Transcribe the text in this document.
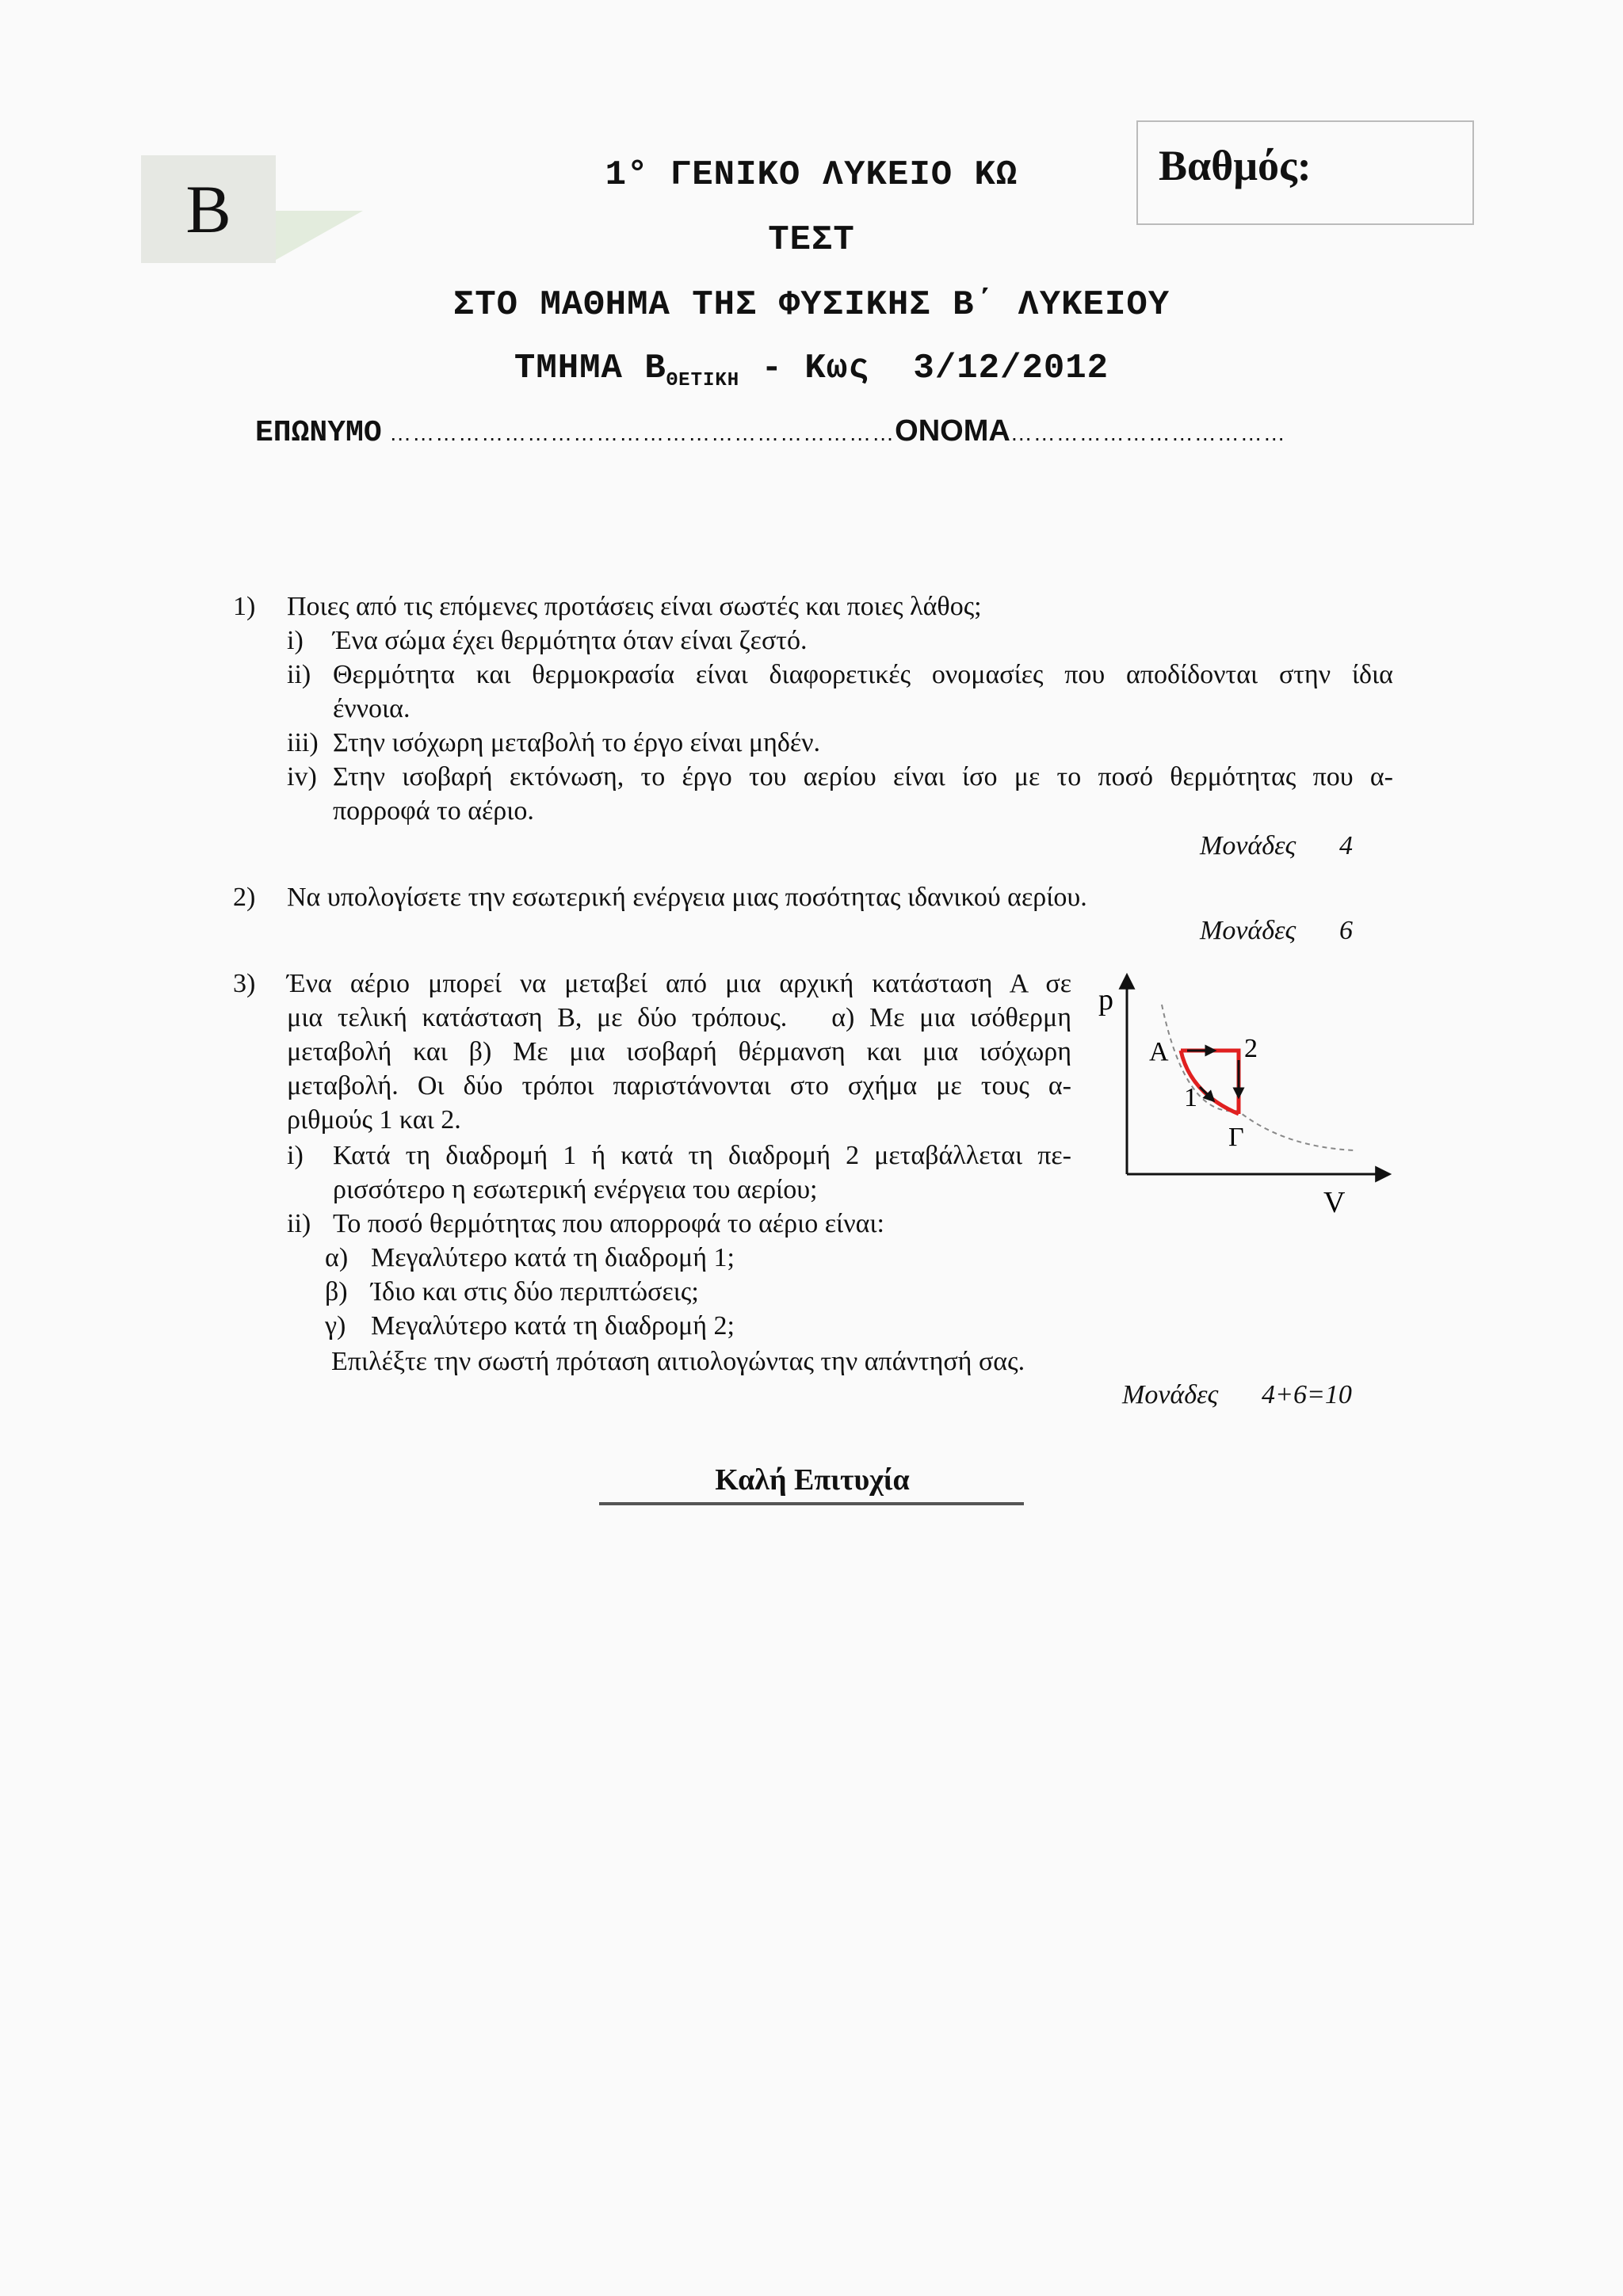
Β
Βαθμός:
1° ΓΕΝΙΚΟ ΛΥΚΕΙΟ ΚΩ
ΤΕΣΤ
ΣΤΟ ΜΑΘΗΜΑ ΤΗΣ ΦΥΣΙΚΗΣ Β΄ ΛΥΚΕΙΟΥ
ΤΜΗΜΑ $B_{\Theta ETIKH}$ - Κως  3/12/2012
ΕΠΩΝΥΜΟ …………………………………………………………ΟΝΟΜΑ………………………………
1) Ποιες από τις επόμενες προτάσεις είναι σωστές και ποιες λάθος;
i) Ένα σώμα έχει θερμότητα όταν είναι ζεστό.
ii) Θερμότητα και θερμοκρασία είναι διαφορετικές ονομασίες που αποδίδονται στην ίδια
έννοια.
iii) Στην ισόχωρη μεταβολή το έργο είναι μηδέν.
iv) Στην ισοβαρή εκτόνωση, το έργο του αερίου είναι ίσο με το ποσό θερμότητας που α-
πορροφά το αέριο.
Μονάδες 4
2) Να υπολογίσετε την εσωτερική ενέργεια μιας ποσότητας ιδανικού αερίου.
Μονάδες 6
3) Ένα αέριο μπορεί να μεταβεί από μια αρχική κατάσταση Α σε
μια τελική κατάσταση Β, με δύο τρόπους.   α) Με μια ισόθερμη
μεταβολή και β) Με μια ισοβαρή θέρμανση και μια ισόχωρη
μεταβολή. Οι δύο τρόποι παριστάνονται στο σχήμα με τους α-
ριθμούς 1 και 2.
i) Κατά τη διαδρομή 1 ή κατά τη διαδρομή 2 μεταβάλλεται πε-
ρισσότερο η εσωτερική ενέργεια του αερίου;
ii) Το ποσό θερμότητας που απορροφά το αέριο είναι:
α) Μεγαλύτερο κατά τη διαδρομή 1;
β) Ίδιο και στις δύο περιπτώσεις;
γ) Μεγαλύτερο κατά τη διαδρομή 2;
Επιλέξτε την σωστή πρόταση αιτιολογώντας την απάντησή σας.
Μονάδες 4+6=10
p
V
Α	2
1
Γ
Καλή Επιτυχία
